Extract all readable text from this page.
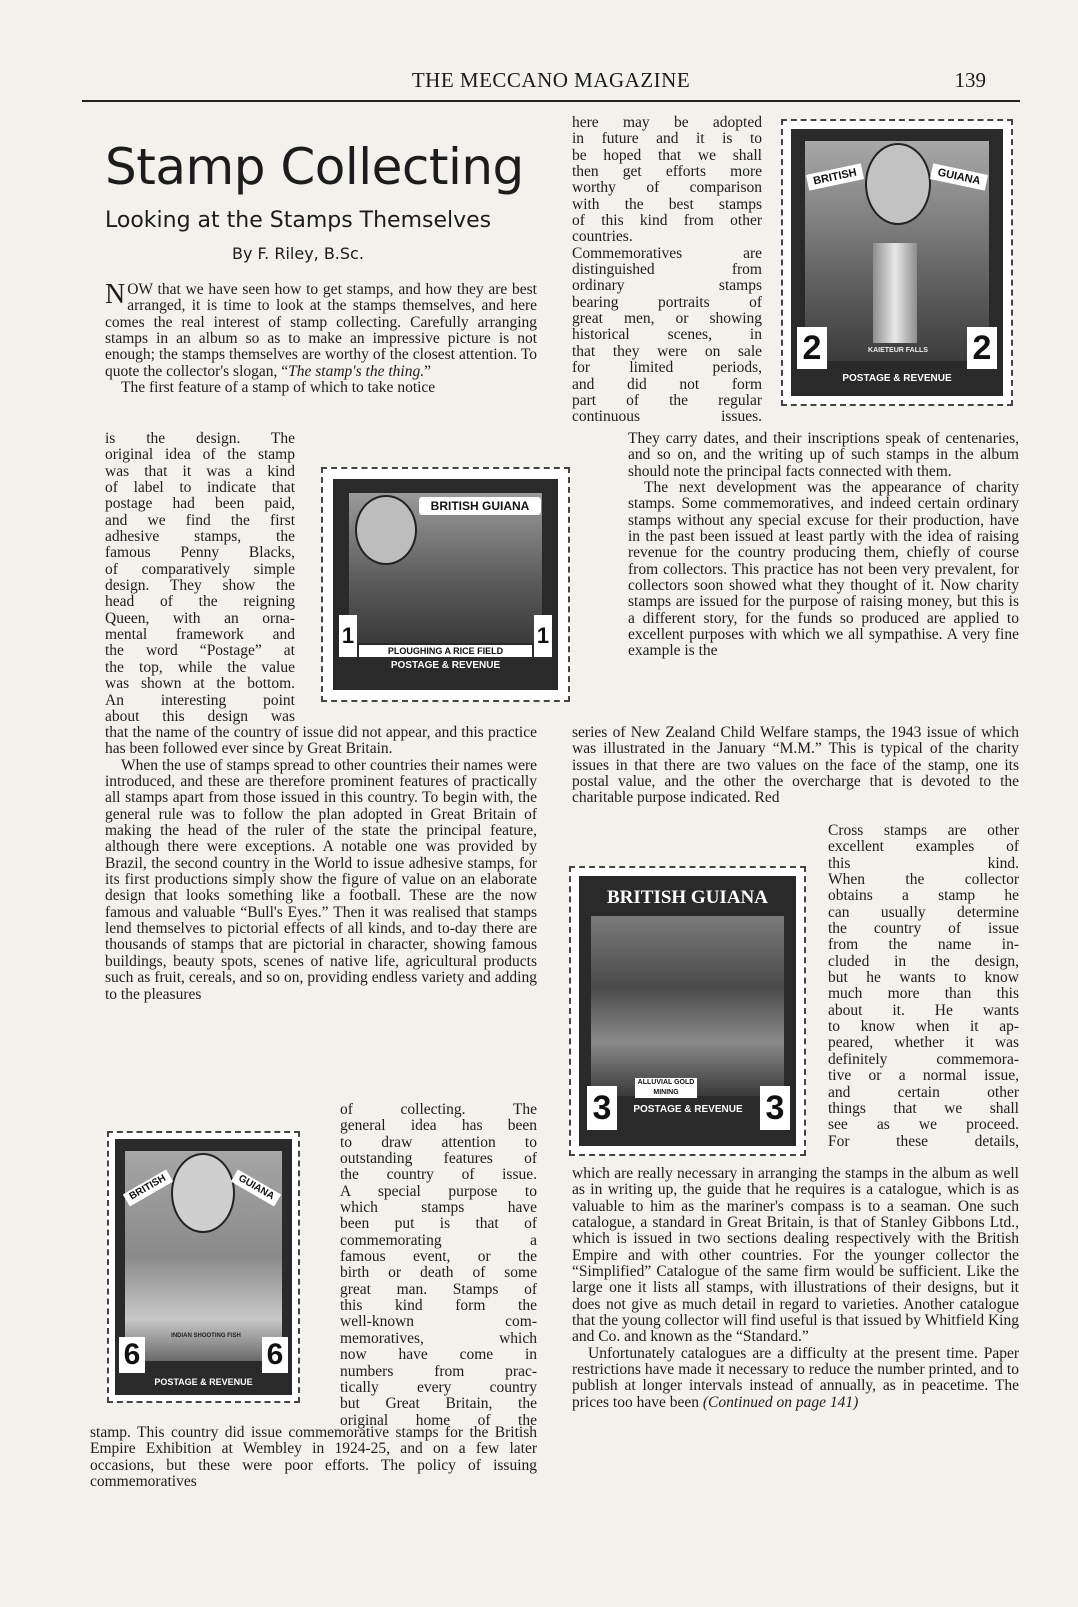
THE MECCANO MAGAZINE	139
Stamp Collecting
Looking at the Stamps Themselves
By F. Riley, B.Sc.

NOW that we have seen how to get stamps, and how they are best arranged, it is time to look at the stamps themselves, and here comes the real interest of stamp collecting. Carefully arranging stamps in an album so as to make an impressive picture is not enough; the stamps themselves are worthy of the closest attention. To quote the collector's slogan, “The stamp's the thing.”

The first feature of a stamp of which to take notice

is the design. The
original idea of the stamp
was that it was a kind
of label to indicate that
postage had been paid,
and we find the first
adhesive stamps, the
famous Penny Blacks,
of comparatively simple
design. They show the
head of the reigning
Queen, with an orna-
mental framework and
the word “Postage” at
the top, while the value
was shown at the bottom.
An interesting point
about this design was

that the name of the country of issue did not appear, and this practice has been followed ever since by Great Britain.

When the use of stamps spread to other countries their names were introduced, and these are therefore prominent features of practically all stamps apart from those issued in this country. To begin with, the general rule was to follow the plan adopted in Great Britain of making the head of the ruler of the state the principal feature, although there were exceptions. A notable one was provided by Brazil, the second country in the World to issue adhesive stamps, for its first productions simply show the figure of value on an elaborate design that looks something like a football. These are the now famous and valuable “Bull's Eyes.” Then it was realised that stamps lend themselves to pictorial effects of all kinds, and to-day there are thousands of stamps that are pictorial in character, showing famous buildings, beauty spots, scenes of native life, agricultural products such as fruit, cereals, and so on, providing endless variety and adding to the pleasures

of collecting. The
general idea has been
to draw attention to
outstanding features of
the country of issue.
A special purpose to
which stamps have
been put is that of
commemorating a
famous event, or the
birth or death of some
great man. Stamps of
this kind form the
well-known com-
memoratives, which
now have come in
numbers from prac-
tically every country
but Great Britain, the
original home of the

stamp. This country did issue commemorative stamps for the British Empire Exhibition at Wembley in 1924-25, and on a few later occasions, but these were poor efforts. The policy of issuing commemoratives

here may be adopted
in future and it is to
be hoped that we shall
then get efforts more
worthy of comparison
with the best stamps
of this kind from other
countries.
Commemoratives are
distinguished from
ordinary stamps
bearing portraits of
great men, or showing
historical scenes, in
that they were on sale
for limited periods,
and did not form
part of the regular
continuous issues.

They carry dates, and their inscriptions speak of centenaries, and so on, and the writing up of such stamps in the album should note the principal facts connected with them.

The next development was the appearance of charity stamps. Some commemoratives, and indeed certain ordinary stamps without any special excuse for their production, have in the past been issued at least partly with the idea of raising revenue for the country producing them, chiefly of course from collectors. This practice has not been very prevalent, for collectors soon showed what they thought of it. Now charity stamps are issued for the purpose of raising money, but this is a different story, for the funds so produced are applied to excellent purposes with which we all sympathise. A very fine example is the

series of New Zealand Child Welfare stamps, the 1943 issue of which was illustrated in the January “M.M.” This is typical of the charity issues in that there are two values on the face of the stamp, one its postal value, and the other the overcharge that is devoted to the charitable purpose indicated. Red

Cross stamps are other
excellent examples of
this kind.
When the collector
obtains a stamp he
can usually determine
the country of issue
from the name in-
cluded in the design,
but he wants to know
much more than this
about it. He wants
to know when it ap-
peared, whether it was
definitely commemora-
tive or a normal issue,
and certain other
things that we shall
see as we proceed.
For these details,

which are really necessary in arranging the stamps in the album as well as in writing up, the guide that he requires is a catalogue, which is as valuable to him as the mariner's compass is to a seaman. One such catalogue, a standard in Great Britain, is that of Stanley Gibbons Ltd., which is issued in two sections dealing respectively with the British Empire and with other countries. For the younger collector the “Simplified” Catalogue of the same firm would be sufficient. Like the large one it lists all stamps, with illustrations of their designs, but it does not give as much detail in regard to varieties. Another catalogue that the young collector will find useful is that issued by Whitfield King and Co. and known as the “Standard.”

Unfortunately catalogues are a difficulty at the present time. Paper restrictions have made it necessary to reduce the number printed, and to publish at longer intervals instead of annually, as in peacetime. The prices too have been (Continued on page 141)

BRITISH GUIANA
1	1
PLOUGHING A RICE FIELD
POSTAGE & REVENUE
BRITISH	GUIANA
KAIETEUR FALLS
2	2
POSTAGE & REVENUE
BRITISH GUIANA
ALLUVIAL GOLD MINING
3	3
POSTAGE & REVENUE
BRITISH	GUIANA
INDIAN SHOOTING FISH
6	6
POSTAGE & REVENUE
